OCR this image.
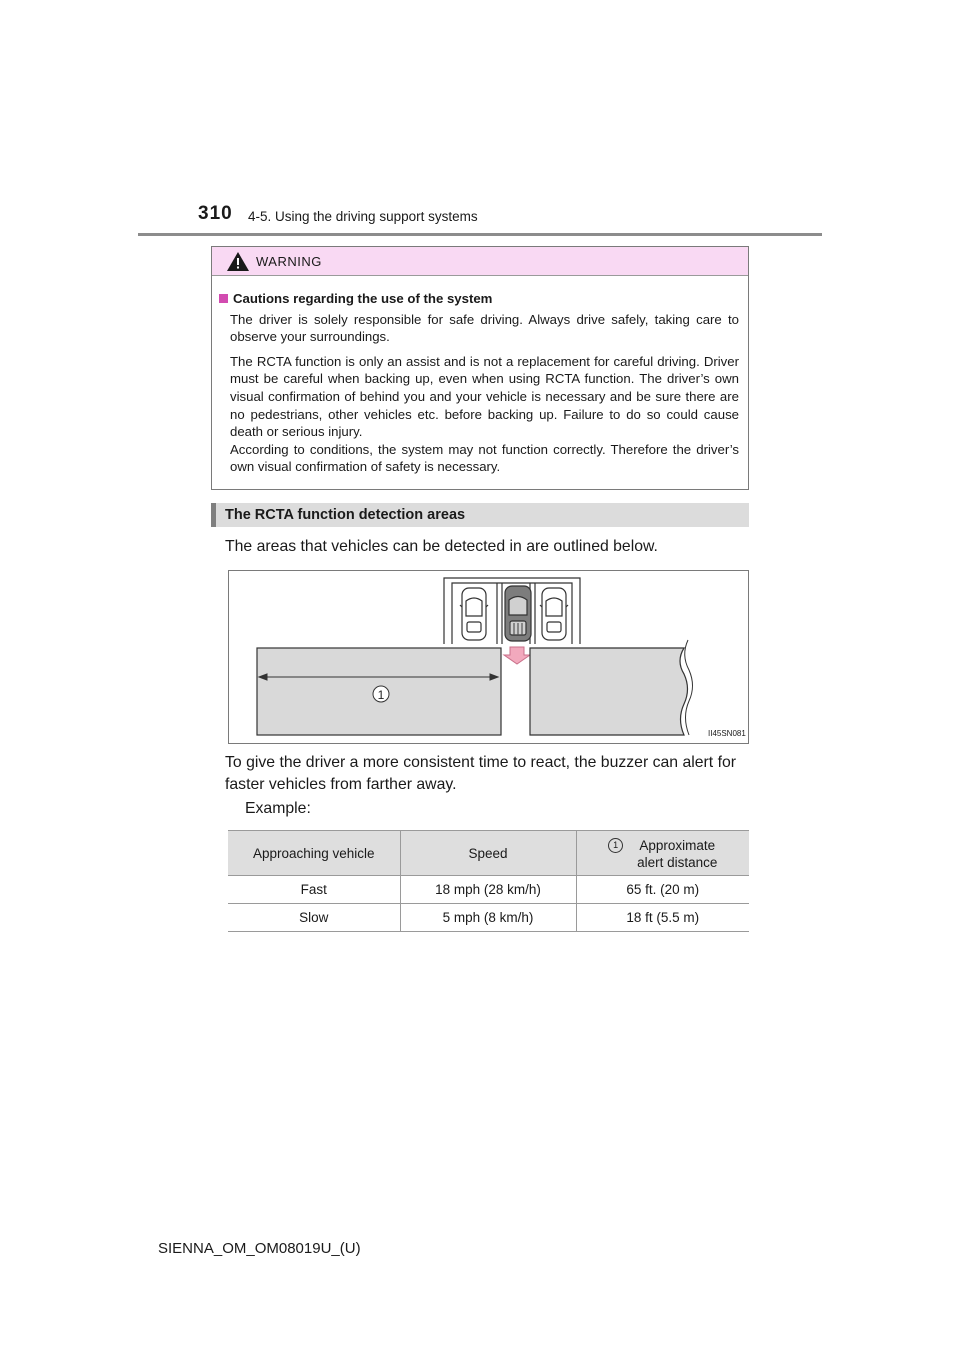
310 4-5. Using the driving support systems
WARNING
Cautions regarding the use of the system

The driver is solely responsible for safe driving. Always drive safely, taking care to observe your surroundings.

The RCTA function is only an assist and is not a replacement for careful driving. Driver must be careful when backing up, even when using RCTA function. The driver’s own visual confirmation of behind you and your vehicle is necessary and be sure there are no pedestrians, other vehicles etc. before backing up. Failure to do so could cause death or serious injury.

According to conditions, the system may not function correctly. Therefore the driver’s own visual confirmation of safety is necessary.

The RCTA function detection areas
The areas that vehicles can be detected in are outlined below.
1
II45SN081
To give the driver a more consistent time to react, the buzzer can alert for faster vehicles from farther away.
Example:
Approaching vehicle	Speed	1 Approximate
alert distance

Fast	18 mph (28 km/h)	65 ft. (20 m)
Slow	5 mph (8 km/h)	18 ft (5.5 m)
SIENNA_OM_OM08019U_(U)
